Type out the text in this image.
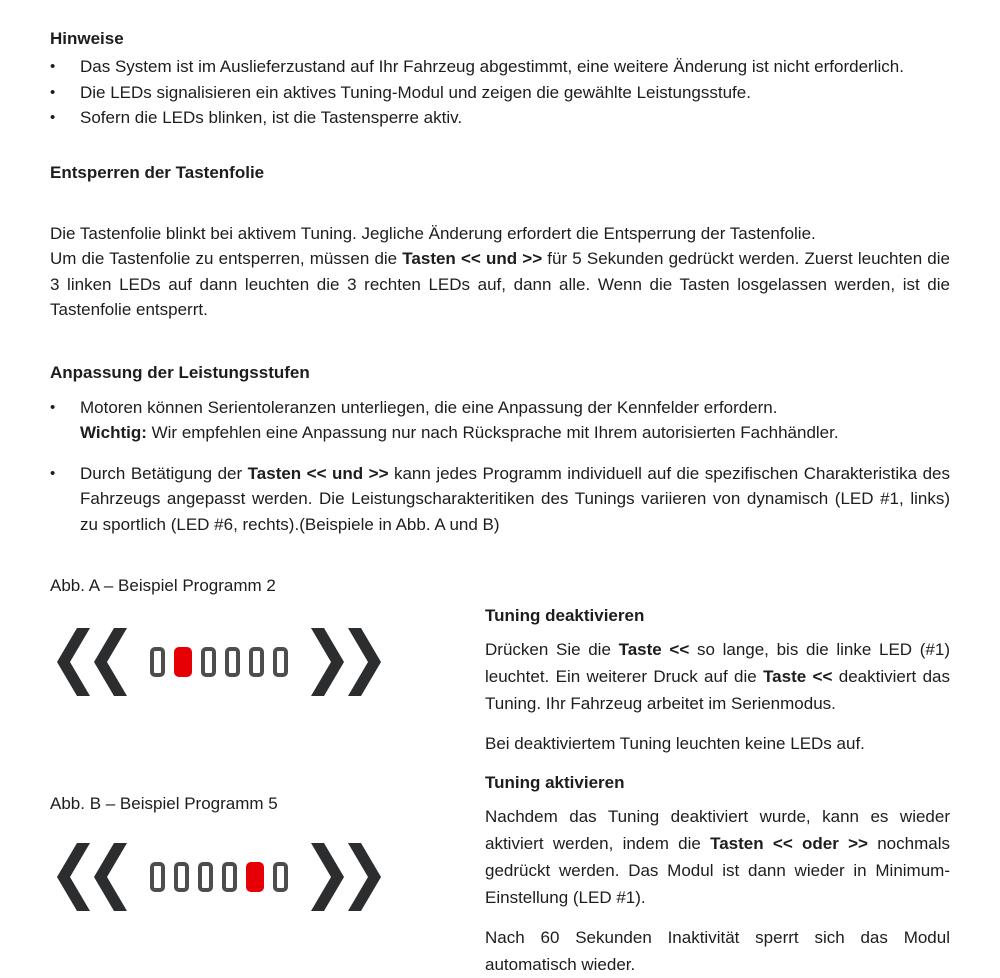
Hinweise

•	Das System ist im Auslieferzustand auf Ihr Fahrzeug abgestimmt, eine weitere Änderung ist nicht erforderlich.
•	Die LEDs signalisieren ein aktives Tuning-Modul und zeigen die gewählte Leistungsstufe.
•	Sofern die LEDs blinken, ist die Tastensperre aktiv.

Entsperren der Tastenfolie

Die Tastenfolie blinkt bei aktivem Tuning. Jegliche Änderung erfordert die Entsperrung der Tastenfolie.
Um die Tastenfolie zu entsperren, müssen die Tasten << und >> für 5 Sekunden gedrückt werden. Zuerst leuchten die 3 linken LEDs auf dann leuchten die 3 rechten LEDs auf, dann alle. Wenn die Tasten losgelassen werden, ist die Tastenfolie entsperrt.

Anpassung der Leistungsstufen

•	Motoren können Serientoleranzen unterliegen, die eine Anpassung der Kennfelder erfordern.
Wichtig: Wir empfehlen eine Anpassung nur nach Rücksprache mit Ihrem autorisierten Fachhändler.
•	Durch Betätigung der Tasten << und >> kann jedes Programm individuell auf die spezifischen Charakteristika des Fahrzeugs angepasst werden. Die Leistungscharakteritiken des Tunings variieren von dynamisch (LED #1, links) zu sportlich (LED #6, rechts).(Beispiele in Abb. A und B)
Abb. A – Beispiel Programm 2
Abb. B – Beispiel Programm 5

Tuning deaktivieren

Drücken Sie die Taste << so lange, bis die linke LED (#1) leuchtet. Ein weiterer Druck auf die Taste << deaktiviert das Tuning. Ihr Fahrzeug arbeitet im Serienmodus.
Bei deaktiviertem Tuning leuchten keine LEDs auf.

Tuning aktivieren

Nachdem das Tuning deaktiviert wurde, kann es wieder aktiviert werden, indem die Tasten << oder >> nochmals gedrückt werden. Das Modul ist dann wieder in Minimum-Einstellung (LED #1).
Nach 60 Sekunden Inaktivität sperrt sich das Modul automatisch wieder.
